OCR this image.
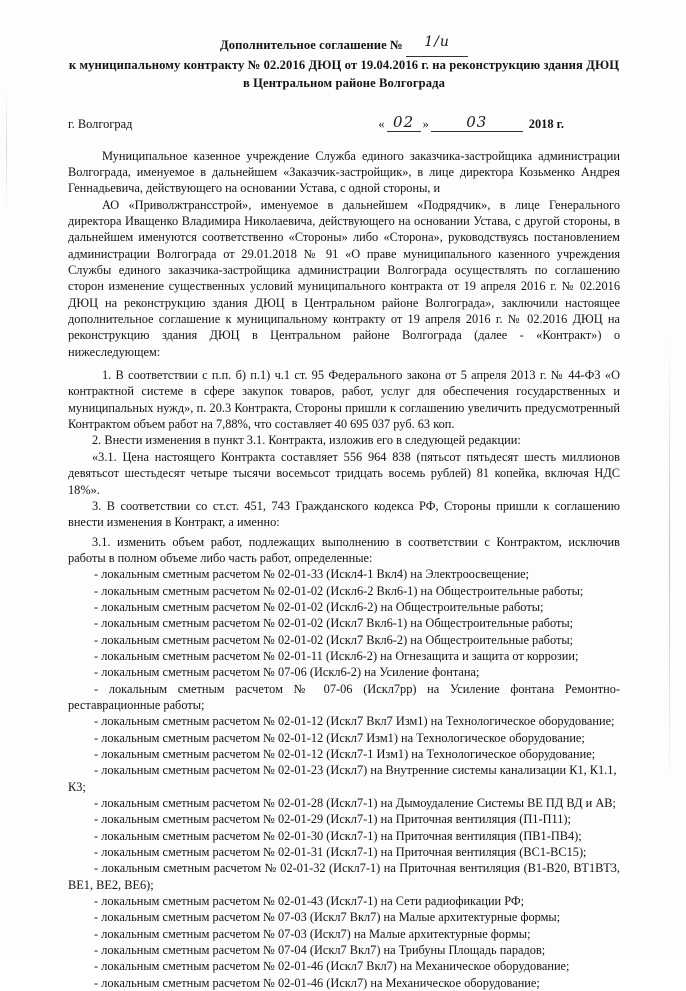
Дополнительное соглашение № 1/и
к муниципальному контракту № 02.2016 ДЮЦ от 19.04.2016 г. на реконструкцию здания ДЮЦ
в Центральном районе Волгограда
г. Волгоград	« 02 »	03	2018 г.

Муниципальное казенное учреждение Служба единого заказчика-застройщика администрации Волгограда, именуемое в дальнейшем «Заказчик-застройщик», в лице директора Козьменко Андрея Геннадьевича, действующего на основании Устава, с одной стороны, и

АО «Приволжтрансстрой», именуемое в дальнейшем «Подрядчик», в лице Генерального директора Иващенко Владимира Николаевича, действующего на основании Устава, с другой стороны, в дальнейшем именуются соответственно «Стороны» либо «Сторона», руководствуясь постановлением администрации Волгограда от 29.01.2018 № 91 «О праве муниципального казенного учреждения Службы единого заказчика-застройщика администрации Волгограда осуществлять по соглашению сторон изменение существенных условий муниципального контракта от 19 апреля 2016 г. № 02.2016 ДЮЦ на реконструкцию здания ДЮЦ в Центральном районе Волгограда», заключили настоящее дополнительное соглашение к муниципальному контракту от 19 апреля 2016 г. № 02.2016 ДЮЦ на реконструкцию здания ДЮЦ в Центральном районе Волгограда (далее - «Контракт») о нижеследующем:

1. В соответствии с п.п. б) п.1) ч.1 ст. 95 Федерального закона от 5 апреля 2013 г. № 44-ФЗ «О контрактной системе в сфере закупок товаров, работ, услуг для обеспечения государственных и муниципальных нужд», п. 20.3 Контракта, Стороны пришли к соглашению увеличить предусмотренный Контрактом объем работ на 7,88%, что составляет 40 695 037 руб. 63 коп.

2. Внести изменения в пункт 3.1. Контракта, изложив его в следующей редакции:

«3.1. Цена настоящего Контракта составляет 556 964 838 (пятьсот пятьдесят шесть миллионов девятьсот шестьдесят четыре тысячи восемьсот тридцать восемь рублей) 81 копейка, включая НДС 18%».

3. В соответствии со ст.ст. 451, 743 Гражданского кодекса РФ, Стороны пришли к соглашению внести изменения в Контракт, а именно:

3.1. изменить объем работ, подлежащих выполнению в соответствии с Контрактом, исключив работы в полном объеме либо часть работ, определенные:

- локальным сметным расчетом № 02-01-33 (Искл4-1 Вкл4) на Электроосвещение;
- локальным сметным расчетом № 02-01-02 (Искл6-2 Вкл6-1) на Общестроительные работы;
- локальным сметным расчетом № 02-01-02 (Искл6-2) на Общестроительные работы;
- локальным сметным расчетом № 02-01-02 (Искл7 Вкл6-1) на Общестроительные работы;
- локальным сметным расчетом № 02-01-02 (Искл7 Вкл6-2) на Общестроительные работы;
- локальным сметным расчетом № 02-01-11 (Искл6-2) на Огнезащита и защита от коррозии;
- локальным сметным расчетом № 07-06 (Искл6-2) на Усиление фонтана;
- локальным сметным расчетом № 07-06 (Искл7рр) на Усиление фонтана Ремонтно-реставрационные работы;
- локальным сметным расчетом № 02-01-12 (Искл7 Вкл7 Изм1) на Технологическое оборудование;
- локальным сметным расчетом № 02-01-12 (Искл7 Изм1) на Технологическое оборудование;
- локальным сметным расчетом № 02-01-12 (Искл7-1 Изм1) на Технологическое оборудование;
- локальным сметным расчетом № 02-01-23 (Искл7) на Внутренние системы канализации К1, К1.1, К3;
- локальным сметным расчетом № 02-01-28 (Искл7-1) на Дымоудаление Системы ВЕ ПД ВД и АВ;
- локальным сметным расчетом № 02-01-29 (Искл7-1) на Приточная вентиляция (П1-П11);
- локальным сметным расчетом № 02-01-30 (Искл7-1) на Приточная вентиляция (ПВ1-ПВ4);
- локальным сметным расчетом № 02-01-31 (Искл7-1) на Приточная вентиляция (ВС1-ВС15);
- локальным сметным расчетом № 02-01-32 (Искл7-1) на Приточная вентиляция (В1-В20, ВТ1ВТ3, ВЕ1, ВЕ2, ВЕ6);
- локальным сметным расчетом № 02-01-43 (Искл7-1) на Сети радиофикации РФ;
- локальным сметным расчетом № 07-03 (Искл7 Вкл7) на Малые архитектурные формы;
- локальным сметным расчетом № 07-03 (Искл7) на Малые архитектурные формы;
- локальным сметным расчетом № 07-04 (Искл7 Вкл7) на Трибуны Площадь парадов;
- локальным сметным расчетом № 02-01-46 (Искл7 Вкл7) на Механическое оборудование;
- локальным сметным расчетом № 02-01-46 (Искл7) на Механическое оборудование;
